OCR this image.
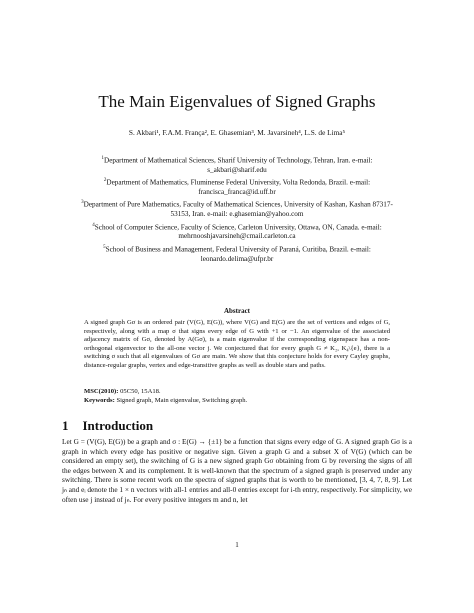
The Main Eigenvalues of Signed Graphs
S. Akbari¹, F.A.M. França², E. Ghasemian³, M. Javarsineh⁴, L.S. de Lima⁵
$^1$Department of Mathematical Sciences, Sharif University of Technology, Tehran, Iran. e-mail: s_akbari@sharif.edu
$^2$Department of Mathematics, Fluminense Federal University, Volta Redonda, Brazil. e-mail: francisca_franca@id.uff.br
$^3$Department of Pure Mathematics, Faculty of Mathematical Sciences, University of Kashan, Kashan 87317-53153, Iran. e-mail: e.ghasemian@yahoo.com
$^4$School of Computer Science, Faculty of Science, Carleton University, Ottawa, ON, Canada. e-mail: mehrnooshjavarsineh@cmail.carleton.ca
$^5$School of Business and Management, Federal University of Paraná, Curitiba, Brazil. e-mail: leonardo.delima@ufpr.br
Abstract
A signed graph Gσ is an ordered pair (V(G), E(G)), where V(G) and E(G) are the set of vertices and edges of G, respectively, along with a map σ that signs every edge of G with +1 or −1. An eigenvalue of the associated adjacency matrix of Gσ, denoted by A(Gσ), is a main eigenvalue if the corresponding eigenspace has a non-orthogonal eigenvector to the all-one vector j. We conjectured that for every graph G ≠ K₂, K₄\{e}, there is a switching σ such that all eigenvalues of Gσ are main. We show that this conjecture holds for every Cayley graphs, distance-regular graphs, vertex and edge-transitive graphs as well as double stars and paths.
MSC(2010): 05C50, 15A18.
Keywords: Signed graph, Main eigenvalue, Switching graph.
1 Introduction
Let G = (V(G), E(G)) be a graph and σ : E(G) → {±1} be a function that signs every edge of G. A signed graph Gσ is a graph in which every edge has positive or negative sign. Given a graph G and a subset X of V(G) (which can be considered an empty set), the switching of G is a new signed graph Gσ obtaining from G by reversing the signs of all the edges between X and its complement. It is well-known that the spectrum of a signed graph is preserved under any switching. There is some recent work on the spectra of signed graphs that is worth to be mentioned, [3, 4, 7, 8, 9]. Let jₙ and eᵢ denote the 1 × n vectors with all-1 entries and all-0 entries except for i-th entry, respectively. For simplicity, we often use j instead of jₙ. For every positive integers m and n, let
1
